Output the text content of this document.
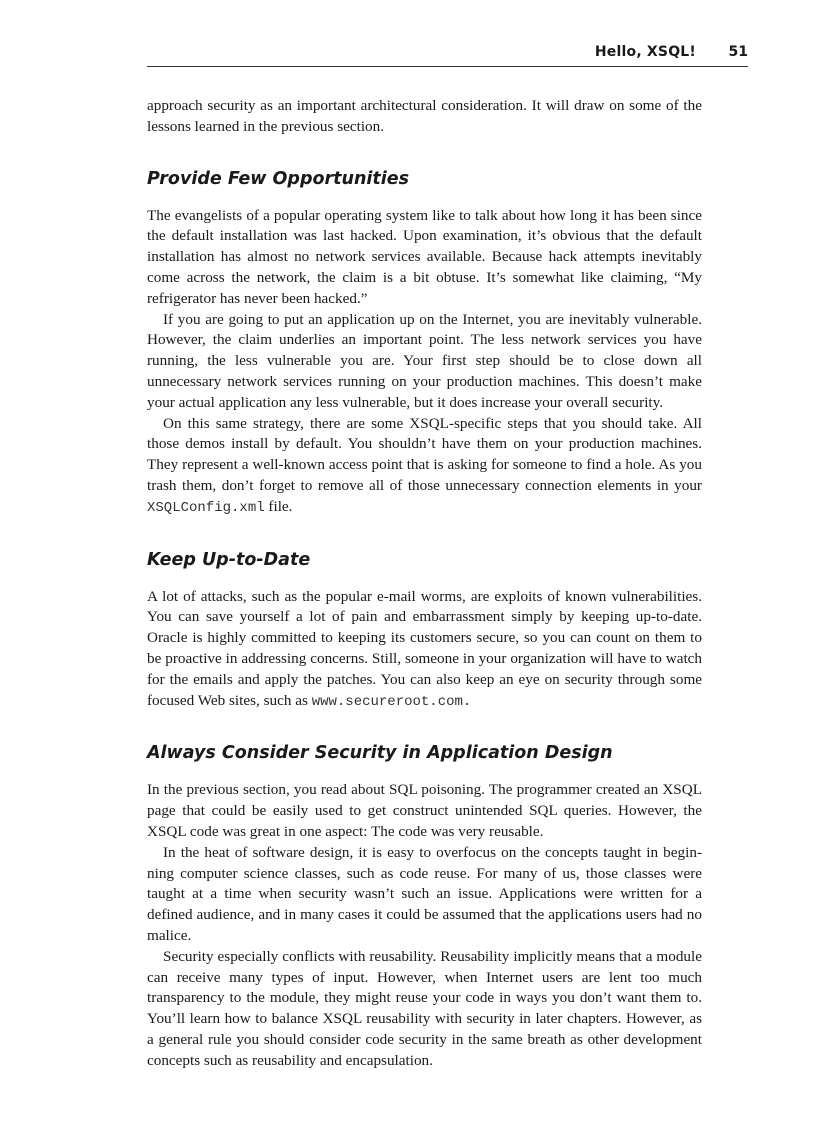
Hello, XSQL! 51

approach security as an important architectural consideration. It will draw on some of the lessons learned in the previous section.

Provide Few Opportunities

The evangelists of a popular operating system like to talk about how long it has been since the default installation was last hacked. Upon examination, it’s obvious that the default installation has almost no network services available. Because hack attempts inevitably come across the network, the claim is a bit obtuse. It’s somewhat like claiming, “My refrigerator has never been hacked.”

If you are going to put an application up on the Internet, you are inevitably vulnerable. However, the claim underlies an important point. The less network services you have running, the less vulnerable you are. Your first step should be to close down all unnecessary network services running on your production machines. This doesn’t make your actual application any less vulnerable, but it does increase your overall security.

On this same strategy, there are some XSQL-specific steps that you should take. All those demos install by default. You shouldn’t have them on your production machines. They represent a well-known access point that is asking for someone to find a hole. As you trash them, don’t forget to remove all of those unnecessary connection elements in your XSQLConfig.xml file.

Keep Up-to-Date

A lot of attacks, such as the popular e-mail worms, are exploits of known vulnerabilities. You can save yourself a lot of pain and embarrassment simply by keeping up-to-date. Oracle is highly committed to keeping its customers secure, so you can count on them to be proactive in addressing concerns. Still, someone in your organization will have to watch for the emails and apply the patches. You can also keep an eye on security through some focused Web sites, such as www.secureroot.com.

Always Consider Security in Application Design

In the previous section, you read about SQL poisoning. The programmer created an XSQL page that could be easily used to get construct unintended SQL queries. However, the XSQL code was great in one aspect: The code was very reusable.

In the heat of software design, it is easy to overfocus on the concepts taught in beginning computer science classes, such as code reuse. For many of us, those classes were taught at a time when security wasn’t such an issue. Applications were written for a defined audience, and in many cases it could be assumed that the applications users had no malice.

Security especially conflicts with reusability. Reusability implicitly means that a module can receive many types of input. However, when Internet users are lent too much transparency to the module, they might reuse your code in ways you don’t want them to. You’ll learn how to balance XSQL reusability with security in later chapters. However, as a general rule you should consider code security in the same breath as other development concepts such as reusability and encapsulation.
